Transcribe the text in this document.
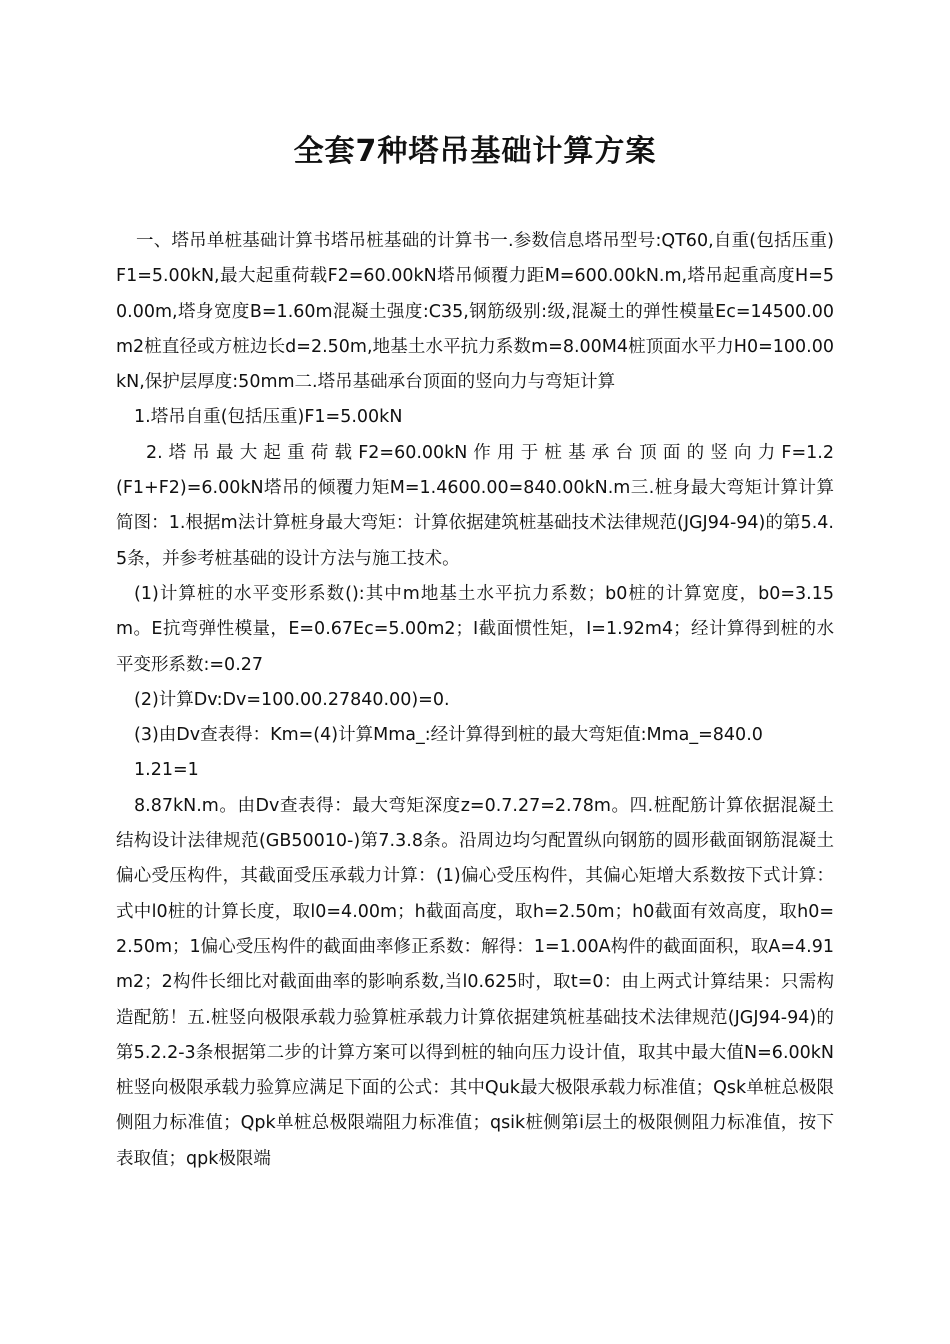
全套7种塔吊基础计算方案

一、塔吊单桩基础计算书塔吊桩基础的计算书一.参数信息塔吊型号:QT60,自重(包括压重)F1=5.00kN,最大起重荷载F2=60.00kN塔吊倾覆力距M=600.00kN.m,塔吊起重高度H=50.00m,塔身宽度B=1.60m混凝土强度:C35,钢筋级别:级,混凝土的弹性模量Ec=14500.00m2桩直径或方桩边长d=2.50m,地基土水平抗力系数m=8.00M4桩顶面水平力H0=100.00kN,保护层厚度:50mm二.塔吊基础承台顶面的竖向力与弯矩计算

1.塔吊自重(包括压重)F1=5.00kN

2. 塔 吊 最 大 起 重 荷 载 F2=60.00kN 作 用 于 桩 基 承 台 顶 面 的 竖 向 力 F=1.2(F1+F2)=6.00kN塔吊的倾覆力矩M=1.4600.00=840.00kN.m三.桩身最大弯矩计算计算简图：1.根据m法计算桩身最大弯矩：计算依据建筑桩基础技术法律规范(JGJ94-94)的第5.4.5条，并参考桩基础的设计方法与施工技术。

(1)计算桩的水平变形系数():其中m地基土水平抗力系数；b0桩的计算宽度，b0=3.15m。E抗弯弹性模量，E=0.67Ec=5.00m2；I截面惯性矩，I=1.92m4；经计算得到桩的水平变形系数:=0.27

(2)计算Dv:Dv=100.00.27840.00)=0.

(3)由Dv查表得：Km=(4)计算Mma_:经计算得到桩的最大弯矩值:Mma_=840.0

1.21=1

8.87kN.m。由Dv查表得：最大弯矩深度z=0.7.27=2.78m。四.桩配筋计算依据混凝土结构设计法律规范(GB50010-)第7.3.8条。沿周边均匀配置纵向钢筋的圆形截面钢筋混凝土偏心受压构件，其截面受压承载力计算：(1)偏心受压构件，其偏心矩增大系数按下式计算：式中l0桩的计算长度，取l0=4.00m；h截面高度，取h=2.50m；h0截面有效高度，取h0=2.50m；1偏心受压构件的截面曲率修正系数：解得：1=1.00A构件的截面面积，取A=4.91m2；2构件长细比对截面曲率的影响系数,当l0.625时，取t=0：由上两式计算结果：只需构造配筋！五.桩竖向极限承载力验算桩承载力计算依据建筑桩基础技术法律规范(JGJ94-94)的第5.2.2-3条根据第二步的计算方案可以得到桩的轴向压力设计值，取其中最大值N=6.00kN桩竖向极限承载力验算应满足下面的公式：其中Quk最大极限承载力标准值；Qsk单桩总极限侧阻力标准值；Qpk单桩总极限端阻力标准值；qsik桩侧第i层土的极限侧阻力标准值，按下表取值；qpk极限端
